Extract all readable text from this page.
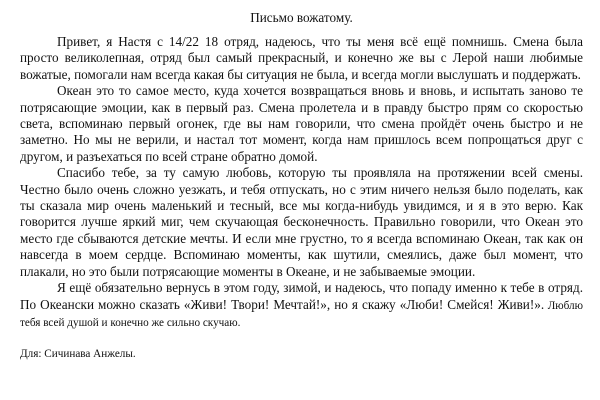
Письмо вожатому.

Привет, я Настя с 14/22 18 отряд, надеюсь, что ты меня всё ещё помнишь. Смена была просто великолепная, отряд был самый прекрасный, и конечно же вы с Лерой наши любимые вожатые, помогали нам всегда какая бы ситуация не была, и всегда могли выслушать и поддержать.

Океан это то самое место, куда хочется возвращаться вновь и вновь, и испытать заново те потрясающие эмоции, как в первый раз. Смена пролетела и в правду быстро прям со скоростью света, вспоминаю первый огонек, где вы нам говорили, что смена пройдёт очень быстро и не заметно. Но мы не верили, и настал тот момент, когда нам пришлось всем попрощаться друг с другом, и разъехаться по всей стране обратно домой.

Спасибо тебе, за ту самую любовь, которую ты проявляла на протяжении всей смены. Честно было очень сложно уезжать, и тебя отпускать, но с этим ничего нельзя было поделать, как ты сказала мир очень маленький и тесный, все мы когда-нибудь увидимся, и я в это верю. Как говорится лучше яркий миг, чем скучающая бесконечность. Правильно говорили, что Океан это место где сбываются детские мечты. И если мне грустно, то я всегда вспоминаю Океан, так как он навсегда в моем сердце. Вспоминаю моменты, как шутили, смеялись, даже был момент, что плакали, но это были потрясающие моменты в Океане, и не забываемые эмоции.

Я ещё обязательно вернусь в этом году, зимой, и надеюсь, что попаду именно к тебе в отряд. По Океански можно сказать «Живи! Твори! Мечтай!», но я скажу «Люби! Смейся! Живи!». Люблю тебя всей душой и конечно же сильно скучаю.

Для: Сичинава Анжелы.
